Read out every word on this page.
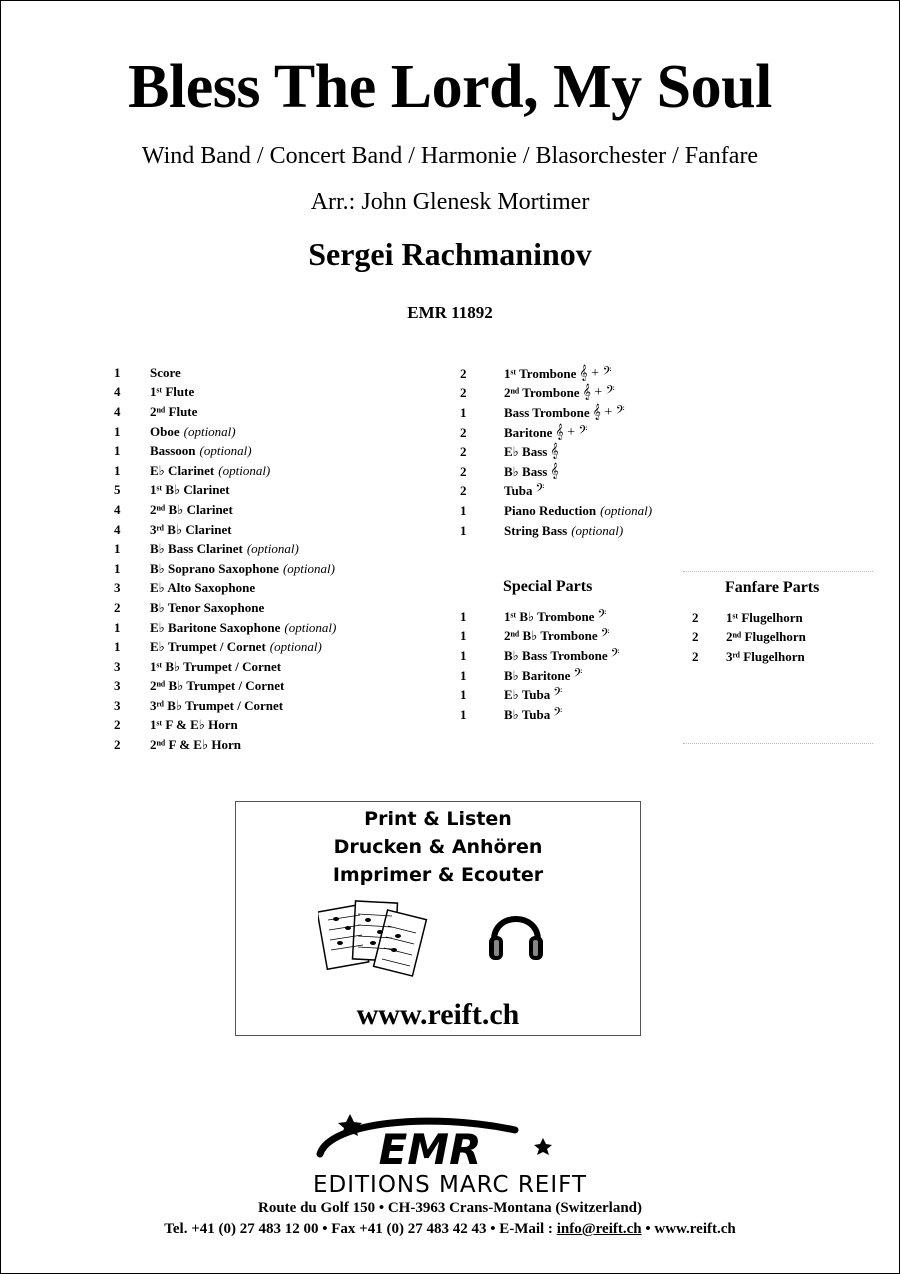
Bless The Lord, My Soul
Wind Band / Concert Band / Harmonie / Blasorchester / Fanfare
Arr.: John Glenesk Mortimer
Sergei Rachmaninov
EMR 11892
1	Score
4	1ˢᵗ Flute
4	2ⁿᵈ Flute
1	Oboe (optional)
1	Bassoon (optional)
1	E♭ Clarinet (optional)
5	1ˢᵗ B♭ Clarinet
4	2ⁿᵈ B♭ Clarinet
4	3ʳᵈ B♭ Clarinet
1	B♭ Bass Clarinet (optional)
1	B♭ Soprano Saxophone (optional)
3	E♭ Alto Saxophone
2	B♭ Tenor Saxophone
1	E♭ Baritone Saxophone (optional)
1	E♭ Trumpet / Cornet (optional)
3	1ˢᵗ B♭ Trumpet / Cornet
3	2ⁿᵈ B♭ Trumpet / Cornet
3	3ʳᵈ B♭ Trumpet / Cornet
2	1ˢᵗ F & E♭ Horn
2	2ⁿᵈ F & E♭ Horn
2	1ˢᵗ Trombone 𝄞 + 𝄢
2	2ⁿᵈ Trombone 𝄞 + 𝄢
1	Bass Trombone 𝄞 + 𝄢
2	Baritone 𝄞 + 𝄢
2	E♭ Bass 𝄞
2	B♭ Bass 𝄞
2	Tuba 𝄢
1	Piano Reduction (optional)
1	String Bass (optional)
Special Parts
1	1ˢᵗ B♭ Trombone 𝄢
1	2ⁿᵈ B♭ Trombone 𝄢
1	B♭ Bass Trombone 𝄢
1	B♭ Baritone 𝄢
1	E♭ Tuba 𝄢
1	B♭ Tuba 𝄢
Fanfare Parts
2	1ˢᵗ Flugelhorn
2	2ⁿᵈ Flugelhorn
2	3ʳᵈ Flugelhorn
Print & Listen
Drucken & Anhören
Imprimer & Ecouter
www.reift.ch
EMR
EDITIONS MARC REIFT
Route du Golf 150 • CH-3963 Crans-Montana (Switzerland)
Tel. +41 (0) 27 483 12 00 • Fax +41 (0) 27 483 42 43 • E-Mail : info@reift.ch • www.reift.ch
